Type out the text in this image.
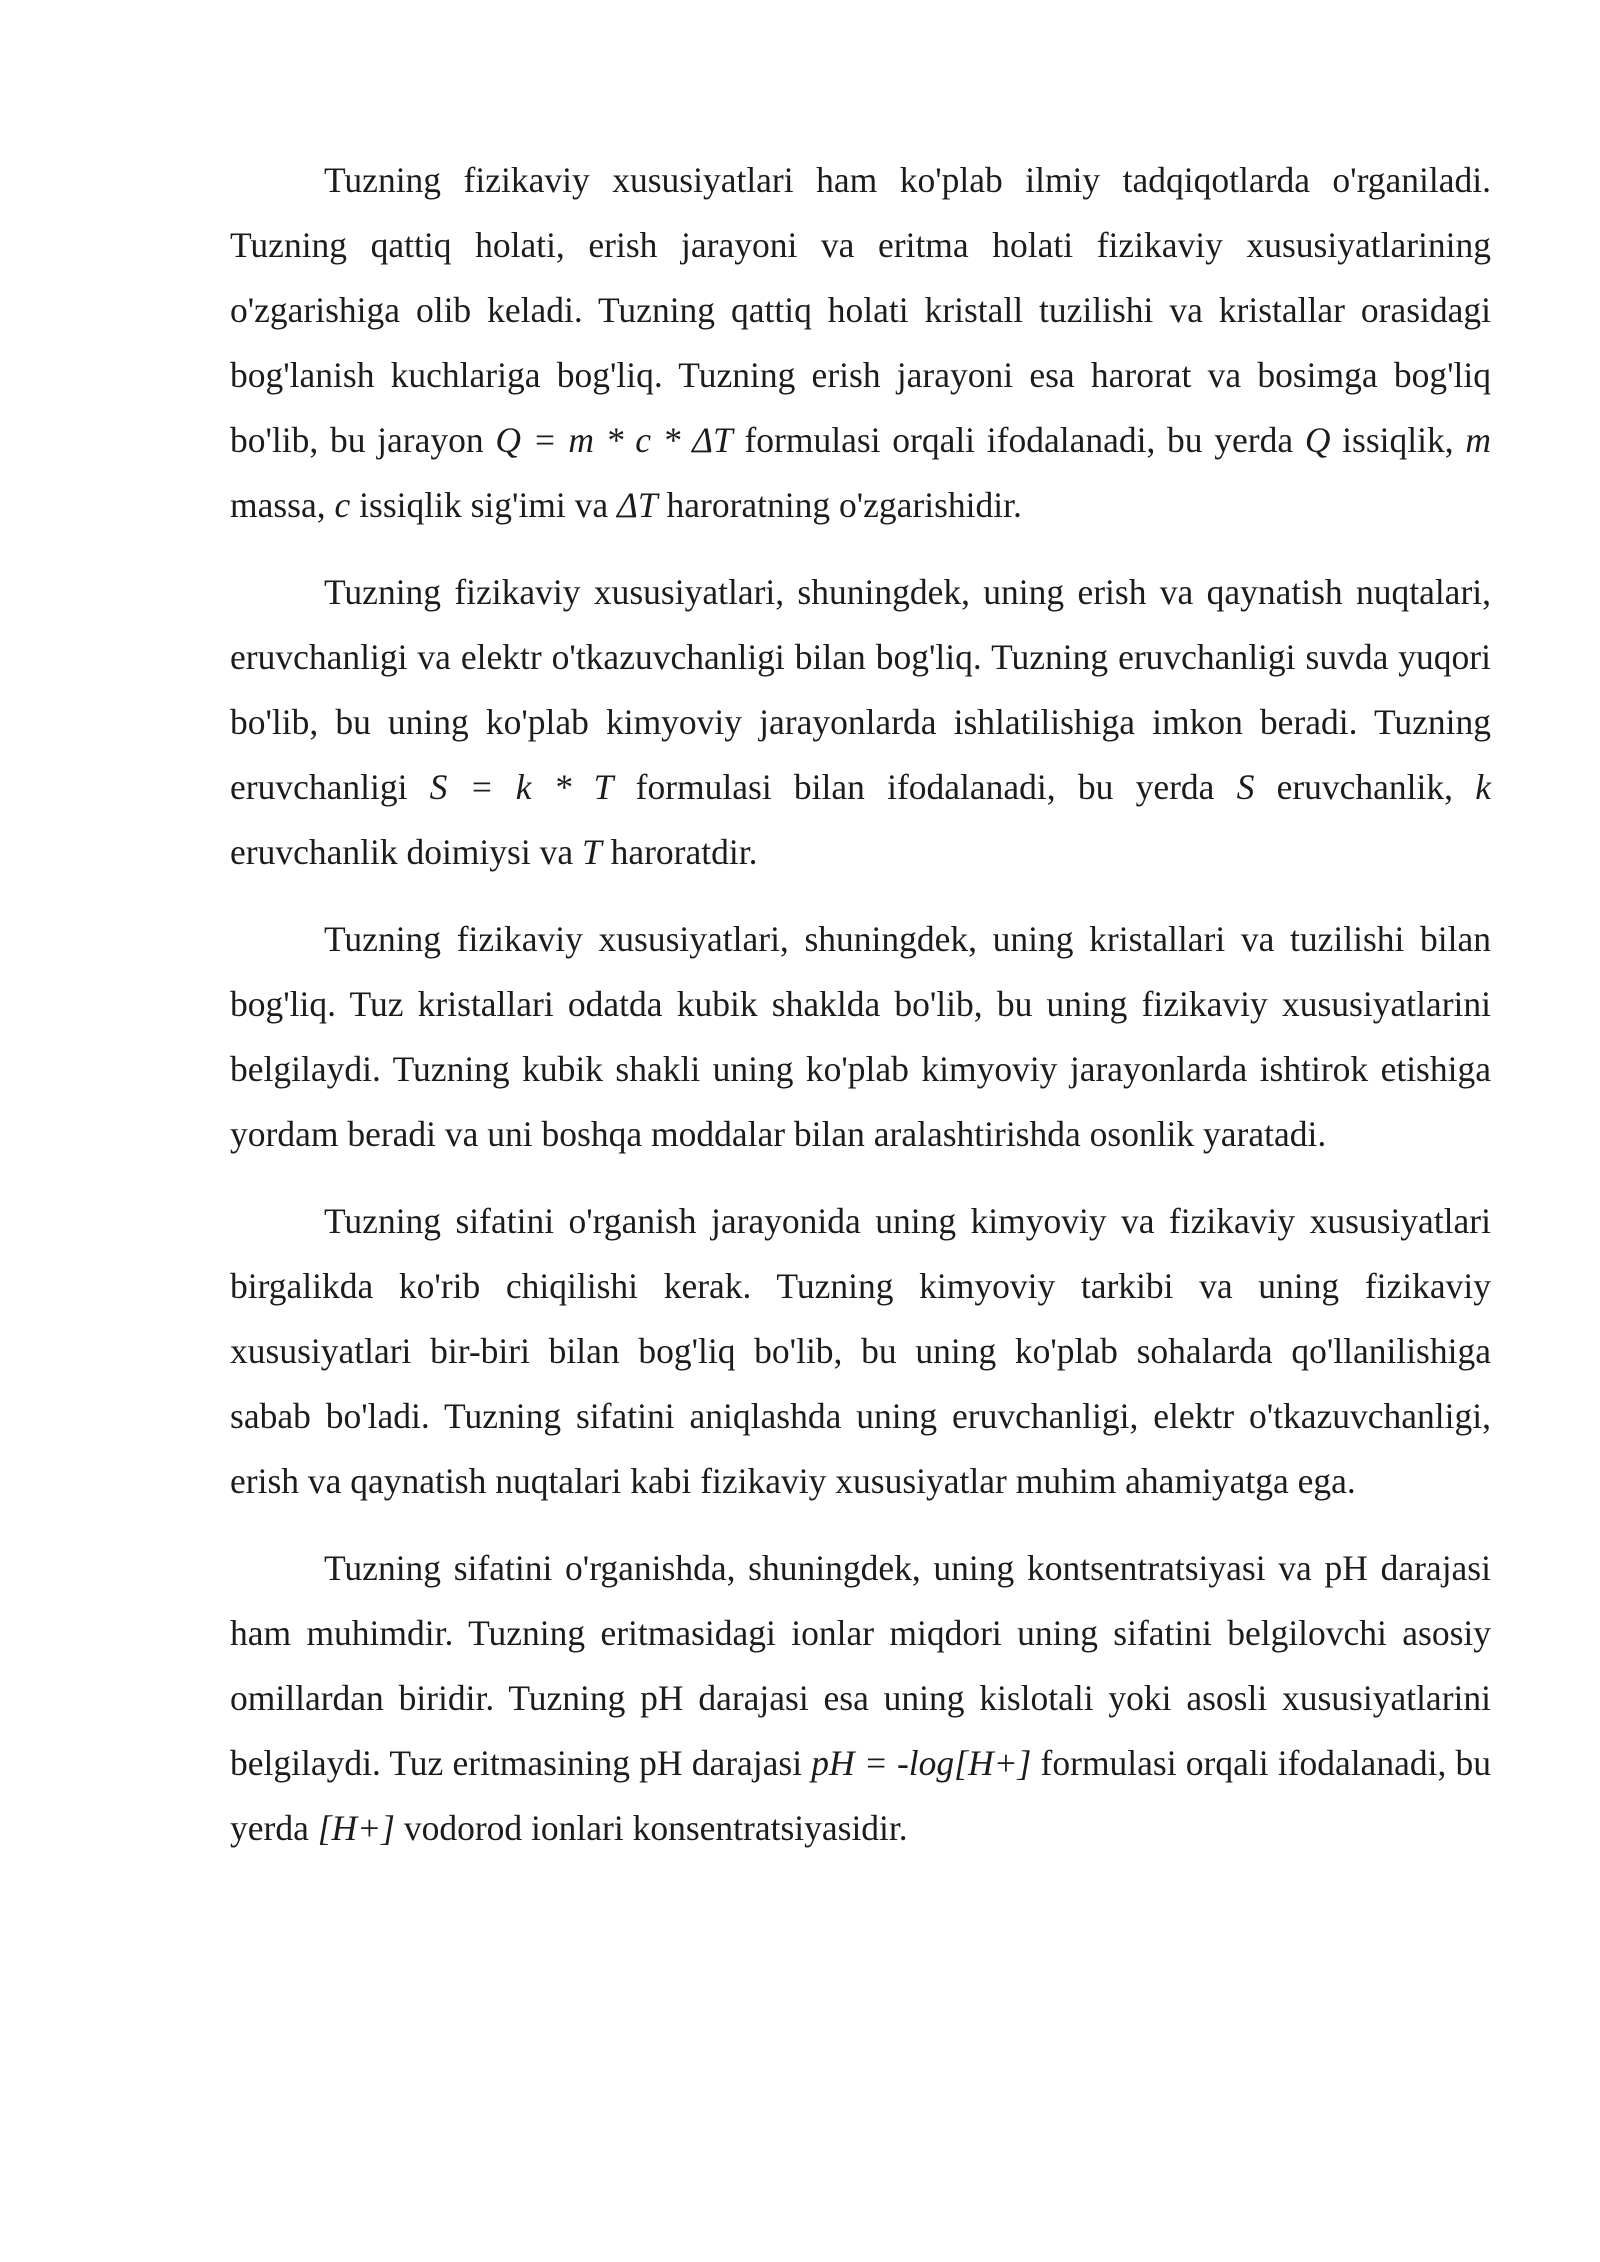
Tuzning fizikaviy xususiyatlari ham ko'plab ilmiy tadqiqotlarda o'rganiladi. Tuzning qattiq holati, erish jarayoni va eritma holati fizikaviy xususiyatlarining o'zgarishiga olib keladi. Tuzning qattiq holati kristall tuzilishi va kristallar orasidagi bog'lanish kuchlariga bog'liq. Tuzning erish jarayoni esa harorat va bosimga bog'liq bo'lib, bu jarayon Q = m * c * ΔT formulasi orqali ifodalanadi, bu yerda Q issiqlik, m massa, c issiqlik sig'imi va ΔT haroratning o'zgarishidir.

Tuzning fizikaviy xususiyatlari, shuningdek, uning erish va qaynatish nuqtalari, eruvchanligi va elektr o'tkazuvchanligi bilan bog'liq. Tuzning eruvchanligi suvda yuqori bo'lib, bu uning ko'plab kimyoviy jarayonlarda ishlatilishiga imkon beradi. Tuzning eruvchanligi S = k * T formulasi bilan ifodalanadi, bu yerda S eruvchanlik, k eruvchanlik doimiysi va T haroratdir.

Tuzning fizikaviy xususiyatlari, shuningdek, uning kristallari va tuzilishi bilan bog'liq. Tuz kristallari odatda kubik shaklda bo'lib, bu uning fizikaviy xususiyatlarini belgilaydi. Tuzning kubik shakli uning ko'plab kimyoviy jarayonlarda ishtirok etishiga yordam beradi va uni boshqa moddalar bilan aralashtirishda osonlik yaratadi.

Tuzning sifatini o'rganish jarayonida uning kimyoviy va fizikaviy xususiyatlari birgalikda ko'rib chiqilishi kerak. Tuzning kimyoviy tarkibi va uning fizikaviy xususiyatlari bir-biri bilan bog'liq bo'lib, bu uning ko'plab sohalarda qo'llanilishiga sabab bo'ladi. Tuzning sifatini aniqlashda uning eruvchanligi, elektr o'tkazuvchanligi, erish va qaynatish nuqtalari kabi fizikaviy xususiyatlar muhim ahamiyatga ega.

Tuzning sifatini o'rganishda, shuningdek, uning kontsentratsiyasi va pH darajasi ham muhimdir. Tuzning eritmasidagi ionlar miqdori uning sifatini belgilovchi asosiy omillardan biridir. Tuzning pH darajasi esa uning kislotali yoki asosli xususiyatlarini belgilaydi. Tuz eritmasining pH darajasi pH = -log[H+] formulasi orqali ifodalanadi, bu yerda [H+] vodorod ionlari konsentratsiyasidir.
